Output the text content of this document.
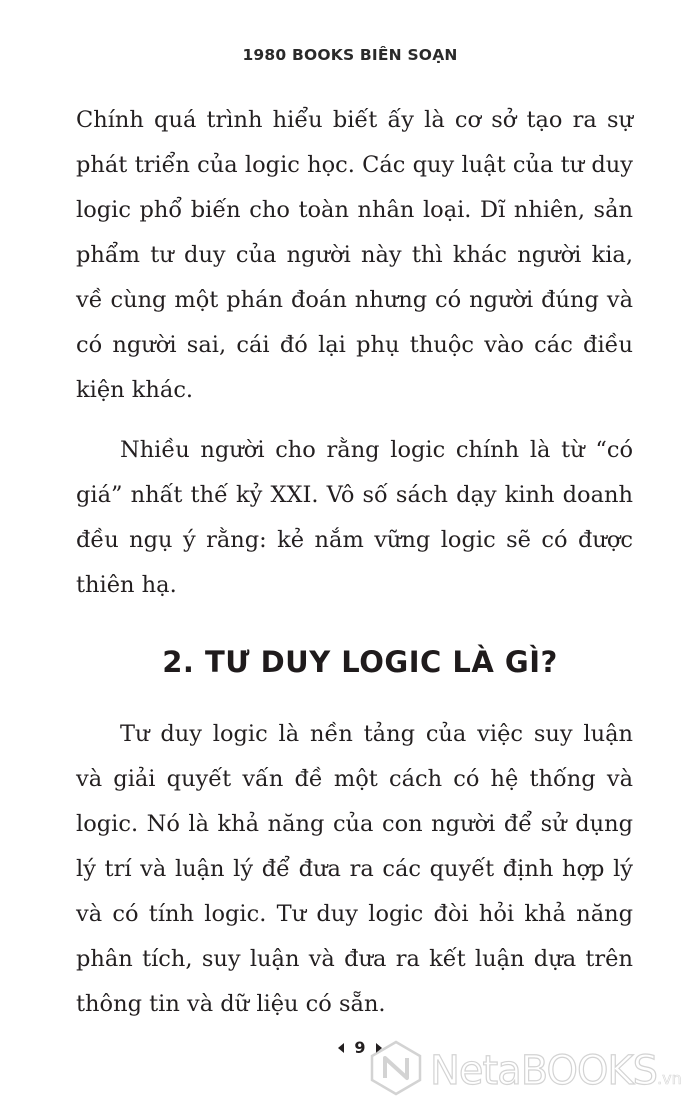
1980 BOOKS BIÊN SOẠN

Chính quá trình hiểu biết ấy là cơ sở tạo ra sự phát triển của logic học. Các quy luật của tư duy logic phổ biến cho toàn nhân loại. Dĩ nhiên, sản phẩm tư duy của người này thì khác người kia, về cùng một phán đoán nhưng có người đúng và có người sai, cái đó lại phụ thuộc vào các điều kiện khác.

Nhiều người cho rằng logic chính là từ “có giá” nhất thế kỷ XXI. Vô số sách dạy kinh doanh đều ngụ ý rằng: kẻ nắm vững logic sẽ có được thiên hạ.

2. TƯ DUY LOGIC LÀ GÌ?

Tư duy logic là nền tảng của việc suy luận và giải quyết vấn đề một cách có hệ thống và logic. Nó là khả năng của con người để sử dụng lý trí và luận lý để đưa ra các quyết định hợp lý và có tính logic. Tư duy logic đòi hỏi khả năng phân tích, suy luận và đưa ra kết luận dựa trên thông tin và dữ liệu có sẵn.

9
NetaBOOKS.vn
